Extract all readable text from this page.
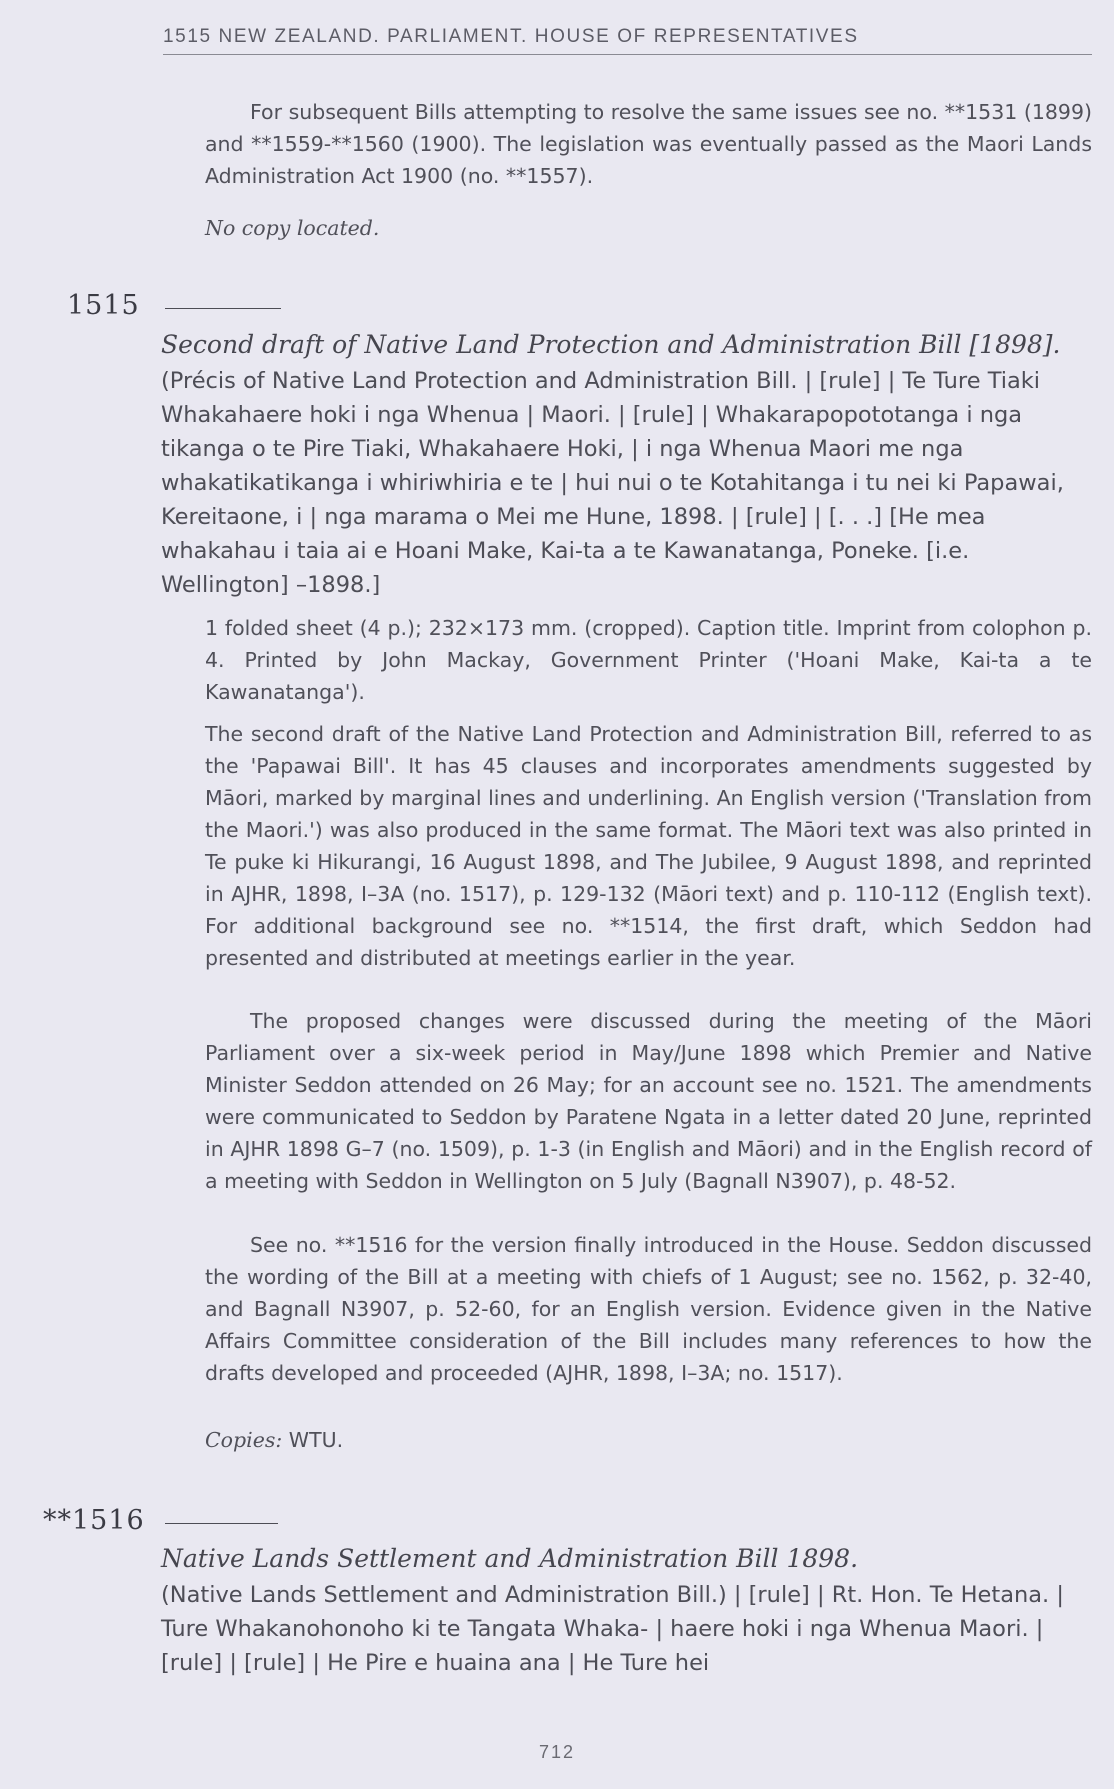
1515 NEW ZEALAND. PARLIAMENT. HOUSE OF REPRESENTATIVES

For subsequent Bills attempting to resolve the same issues see no. **1531 (1899) and **1559-**1560 (1900). The legislation was eventually passed as the Maori Lands Administration Act 1900 (no. **1557).

No copy located.

1515
Second draft of Native Land Protection and Administration Bill [1898].

(Précis of Native Land Protection and Administration Bill. | [rule] | Te Ture Tiaki Whakahaere hoki i nga Whenua | Maori. | [rule] | Whakarapopototanga i nga tikanga o te Pire Tiaki, Whakahaere Hoki, | i nga Whenua Maori me nga whakatikatikanga i whiriwhiria e te | hui nui o te Kotahitanga i tu nei ki Papawai, Kereitaone, i | nga marama o Mei me Hune, 1898. | [rule] | [. . .] [He mea whakahau i taia ai e Hoani Make, Kai-ta a te Kawanatanga, Poneke. [i.e. Wellington] –1898.]

1 folded sheet (4 p.); 232×173 mm. (cropped). Caption title. Imprint from colophon p. 4. Printed by John Mackay, Government Printer ('Hoani Make, Kai-ta a te Kawanatanga').

The second draft of the Native Land Protection and Administration Bill, referred to as the 'Papawai Bill'. It has 45 clauses and incorporates amendments suggested by Māori, marked by marginal lines and underlining. An English version ('Translation from the Maori.') was also produced in the same format. The Māori text was also printed in Te puke ki Hikurangi, 16 August 1898, and The Jubilee, 9 August 1898, and reprinted in AJHR, 1898, I–3A (no. 1517), p. 129-132 (Māori text) and p. 110-112 (English text). For additional background see no. **1514, the first draft, which Seddon had presented and distributed at meetings earlier in the year.

The proposed changes were discussed during the meeting of the Māori Parliament over a six-week period in May/June 1898 which Premier and Native Minister Seddon attended on 26 May; for an account see no. 1521. The amendments were communicated to Seddon by Paratene Ngata in a letter dated 20 June, reprinted in AJHR 1898 G–7 (no. 1509), p. 1-3 (in English and Māori) and in the English record of a meeting with Seddon in Wellington on 5 July (Bagnall N3907), p. 48-52.

See no. **1516 for the version finally introduced in the House. Seddon discussed the wording of the Bill at a meeting with chiefs of 1 August; see no. 1562, p. 32-40, and Bagnall N3907, p. 52-60, for an English version. Evidence given in the Native Affairs Committee consideration of the Bill includes many references to how the drafts developed and proceeded (AJHR, 1898, I–3A; no. 1517).

Copies: WTU.
**1516
Native Lands Settlement and Administration Bill 1898.

(Native Lands Settlement and Administration Bill.) | [rule] | Rt. Hon. Te Hetana. | Ture Whakanohonoho ki te Tangata Whaka- | haere hoki i nga Whenua Maori. | [rule] | [rule] | He Pire e huaina ana | He Ture hei

712
